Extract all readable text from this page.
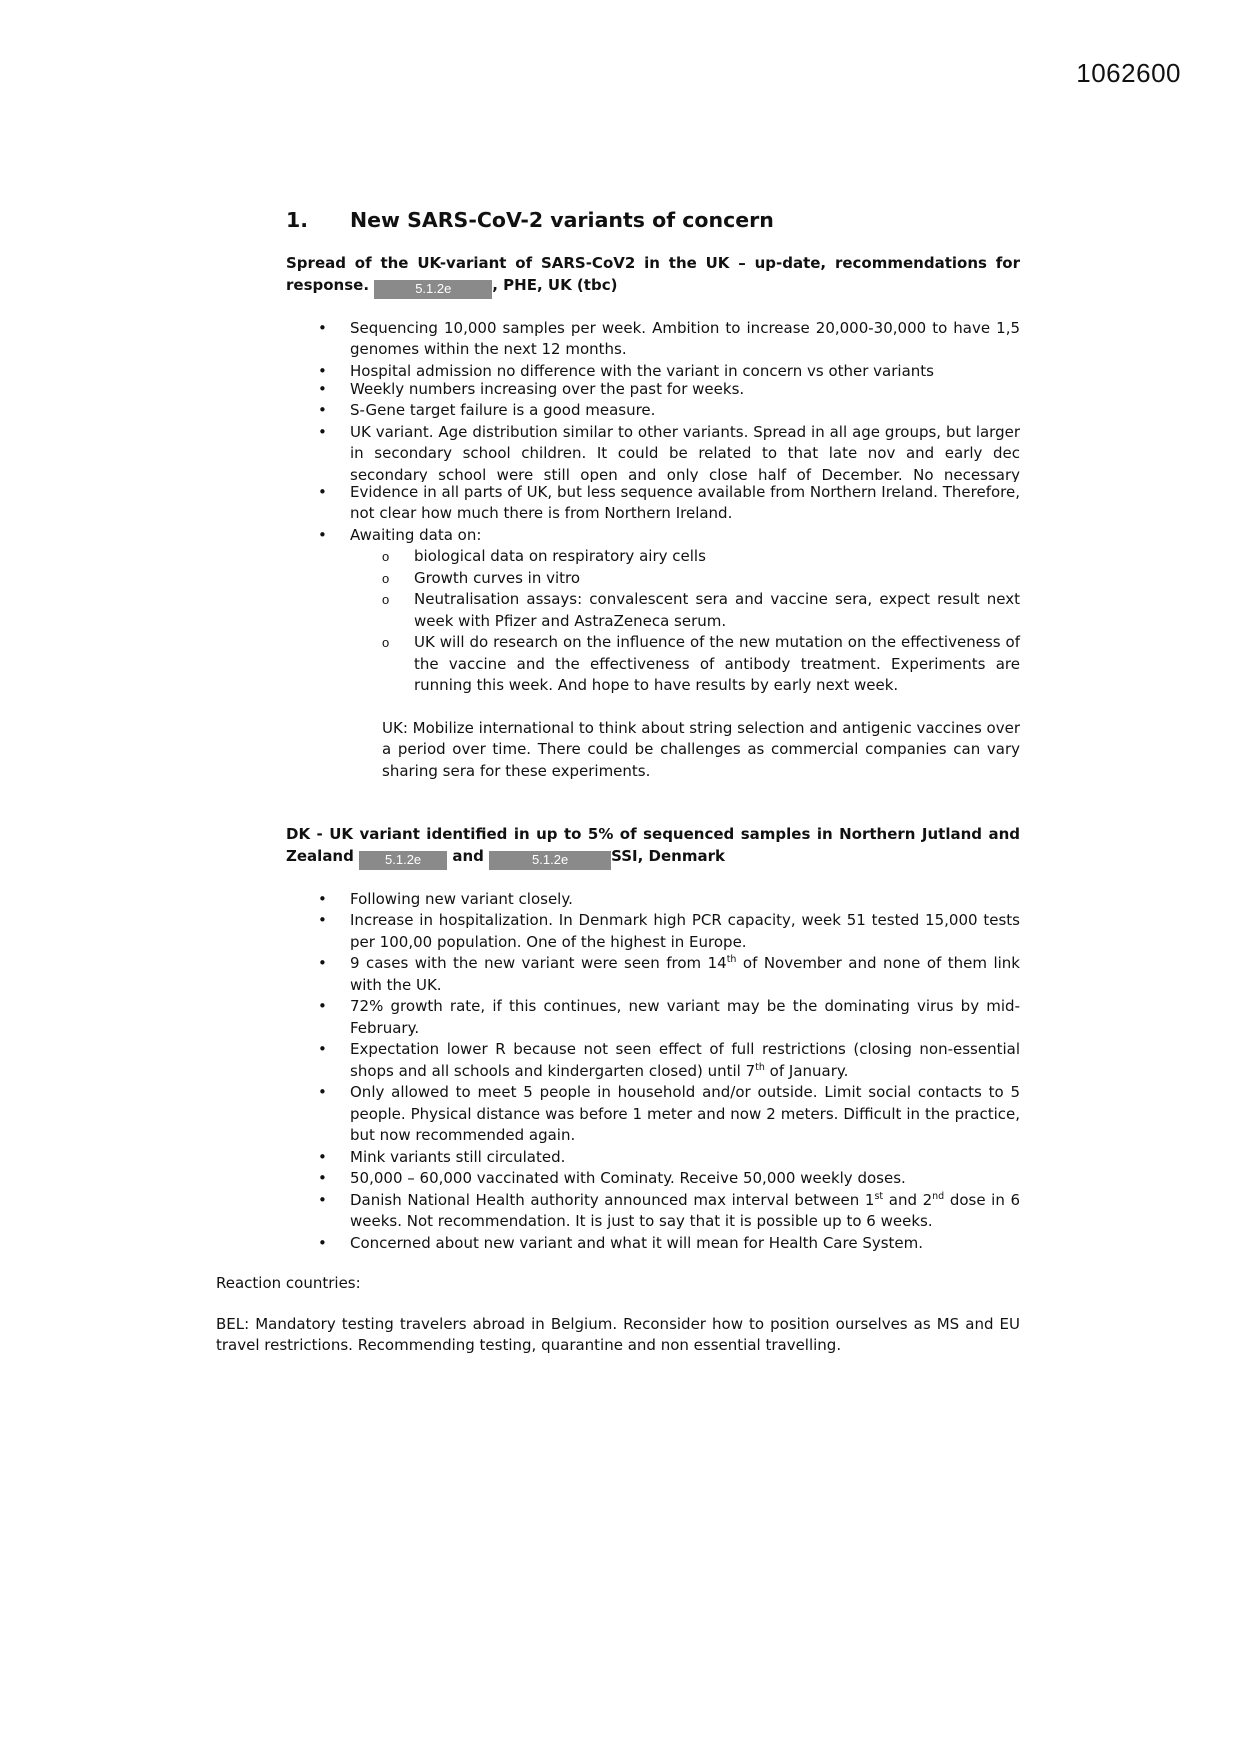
1062600
1.	New SARS-CoV-2 variants of concern
Spread of the UK-variant of SARS-CoV2 in the UK – up-date, recommendations for response.	5.1.2e	, PHE, UK (tbc)
• Sequencing 10,000 samples per week. Ambition to increase 20,000-30,000 to have 1,5 genomes within the next 12 months.
• Hospital admission no difference with the variant in concern vs other variants
• Weekly numbers increasing over the past for weeks.
• S-Gene target failure is a good measure.
• UK variant. Age distribution similar to other variants. Spread in all age groups, but larger in secondary school children. It could be related to that late nov and early dec secondary school were still open and only close half of December. No necessary
• Evidence in all parts of UK, but less sequence available from Northern Ireland. Therefore, not clear how much there is from Northern Ireland.
• Awaiting data on:
o biological data on respiratory airy cells
o Growth curves in vitro
o Neutralisation assays: convalescent sera and vaccine sera, expect result next week with Pfizer and AstraZeneca serum.
o UK will do research on the influence of the new mutation on the effectiveness of the vaccine and the effectiveness of antibody treatment. Experiments are running this week. And hope to have results by early next week.
UK: Mobilize international to think about string selection and antigenic vaccines over a period over time. There could be challenges as commercial companies can vary sharing sera for these experiments.
DK - UK variant identified in up to 5% of sequenced samples in Northern Jutland and Zealand 5.1.2e and	5.1.2e	SSI, Denmark
• Following new variant closely.
• Increase in hospitalization. In Denmark high PCR capacity, week 51 tested 15,000 tests per 100,00 population. One of the highest in Europe.
• 9 cases with the new variant were seen from 14th of November and none of them link with the UK.
• 72% growth rate, if this continues, new variant may be the dominating virus by mid-February.
• Expectation lower R because not seen effect of full restrictions (closing non-essential shops and all schools and kindergarten closed) until 7th of January.
• Only allowed to meet 5 people in household and/or outside. Limit social contacts to 5 people. Physical distance was before 1 meter and now 2 meters. Difficult in the practice, but now recommended again.
• Mink variants still circulated.
• 50,000 – 60,000 vaccinated with Cominaty. Receive 50,000 weekly doses.
• Danish National Health authority announced max interval between 1st and 2nd dose in 6 weeks. Not recommendation. It is just to say that it is possible up to 6 weeks.
• Concerned about new variant and what it will mean for Health Care System.
Reaction countries:
BEL: Mandatory testing travelers abroad in Belgium. Reconsider how to position ourselves as MS and EU travel restrictions. Recommending testing, quarantine and non essential travelling.
